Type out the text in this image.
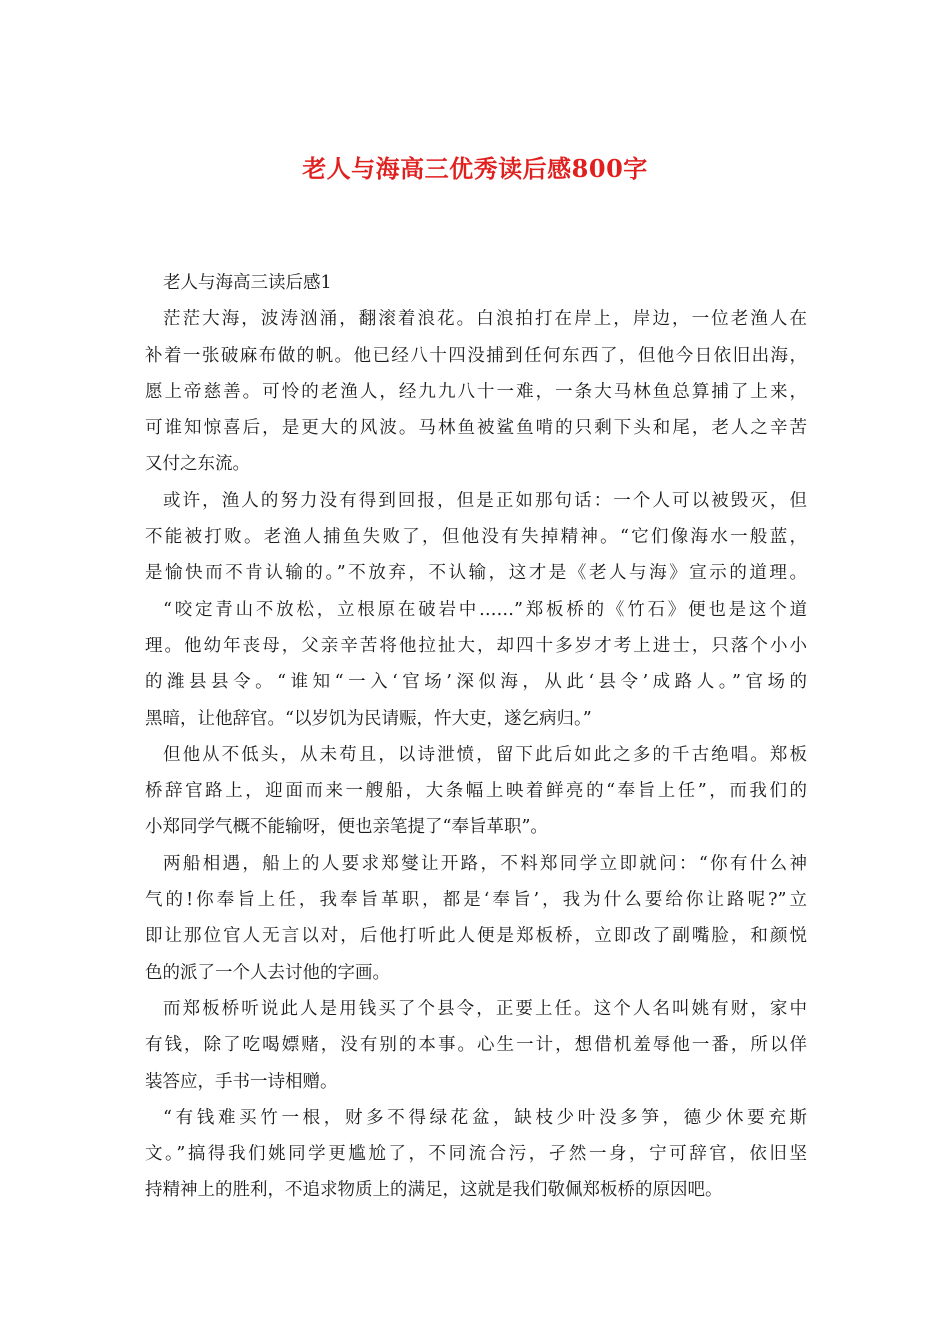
老人与海高三优秀读后感800字
老人与海高三读后感1
茫茫大海，波涛汹涌，翻滚着浪花。白浪拍打在岸上，岸边，一位老渔人在
补着一张破麻布做的帆。他已经八十四没捕到任何东西了，但他今日依旧出海，
愿上帝慈善。可怜的老渔人，经九九八十一难，一条大马林鱼总算捕了上来，
可谁知惊喜后，是更大的风波。马林鱼被鲨鱼啃的只剩下头和尾，老人之辛苦
又付之东流。
或许，渔人的努力没有得到回报，但是正如那句话：一个人可以被毁灭，但
不能被打败。老渔人捕鱼失败了，但他没有失掉精神。“它们像海水一般蓝，
是愉快而不肯认输的。”不放弃，不认输，这才是《老人与海》宣示的道理。
“咬定青山不放松，立根原在破岩中……”郑板桥的《竹石》便也是这个道
理。他幼年丧母，父亲辛苦将他拉扯大，却四十多岁才考上进士，只落个小小
的潍县县令。“谁知“一入‘官场’深似海，从此‘县令’成路人。”官场的
黑暗，让他辞官。“以岁饥为民请赈，忤大吏，遂乞病归。”
但他从不低头，从未苟且，以诗泄愤，留下此后如此之多的千古绝唱。郑板
桥辞官路上，迎面而来一艘船，大条幅上映着鲜亮的“奉旨上任”，而我们的
小郑同学气概不能输呀，便也亲笔提了“奉旨革职”。
两船相遇，船上的人要求郑燮让开路，不料郑同学立即就问：“你有什么神
气的!你奉旨上任，我奉旨革职，都是‘奉旨’，我为什么要给你让路呢?”立
即让那位官人无言以对，后他打听此人便是郑板桥，立即改了副嘴脸，和颜悦
色的派了一个人去讨他的字画。
而郑板桥听说此人是用钱买了个县令，正要上任。这个人名叫姚有财，家中
有钱，除了吃喝嫖赌，没有别的本事。心生一计，想借机羞辱他一番，所以佯
装答应，手书一诗相赠。
“有钱难买竹一根，财多不得绿花盆，缺枝少叶没多笋，德少休要充斯
文。”搞得我们姚同学更尴尬了，不同流合污，孑然一身，宁可辞官，依旧坚
持精神上的胜利，不追求物质上的满足，这就是我们敬佩郑板桥的原因吧。
